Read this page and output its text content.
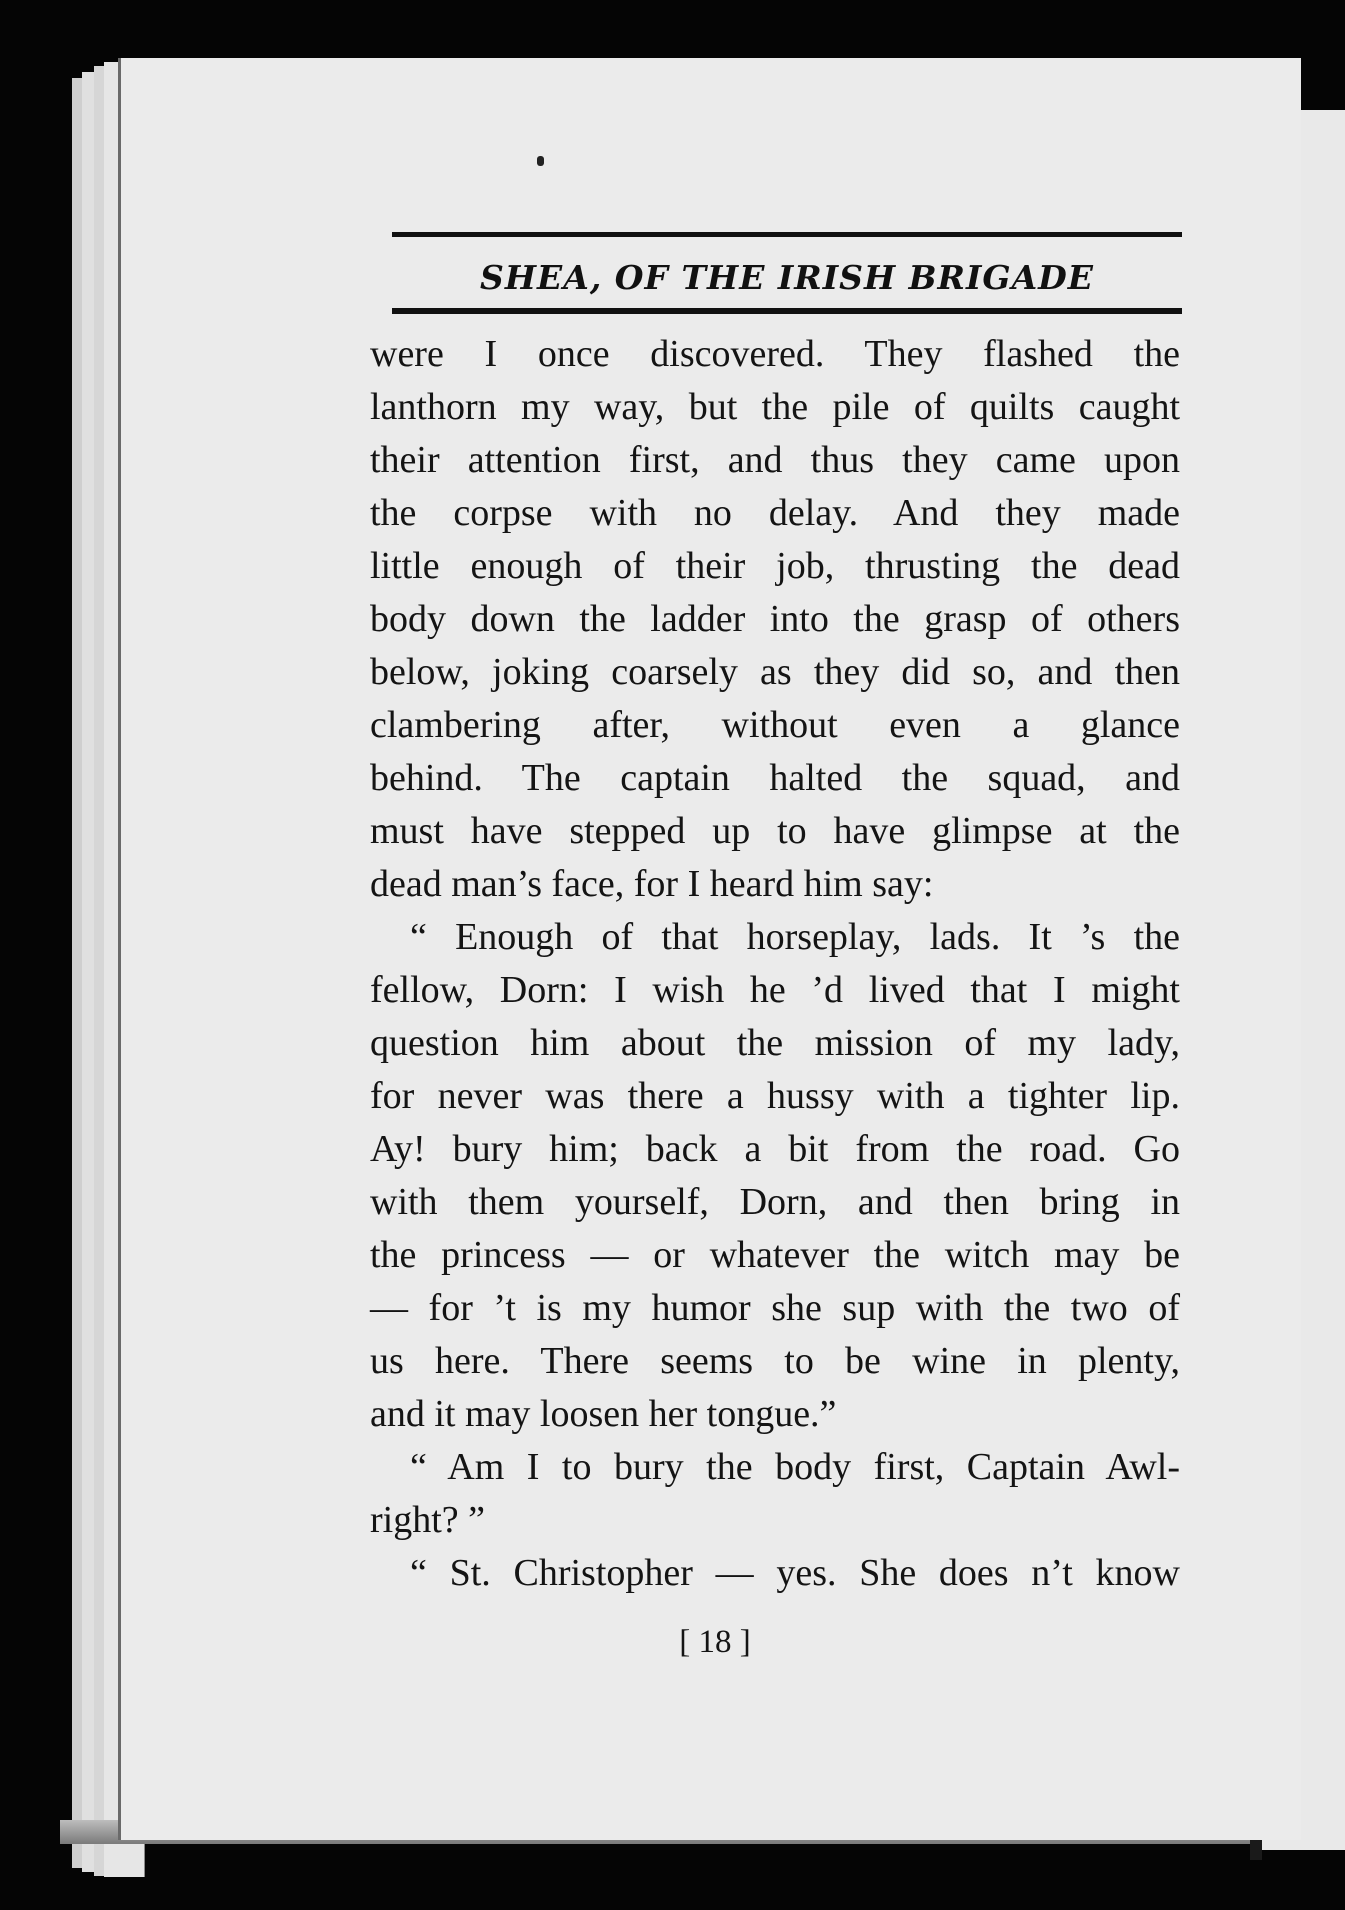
SHEA, OF THE IRISH BRIGADE
were I once discovered. They flashed the
lanthorn my way, but the pile of quilts caught
their attention first, and thus they came upon
the corpse with no delay. And they made
little enough of their job, thrusting the dead
body down the ladder into the grasp of others
below, joking coarsely as they did so, and then
clambering after, without even a glance
behind. The captain halted the squad, and
must have stepped up to have glimpse at the
dead man’s face, for I heard him say:
“ Enough of that horseplay, lads. It ’s the
fellow, Dorn: I wish he ’d lived that I might
question him about the mission of my lady,
for never was there a hussy with a tighter lip.
Ay! bury him; back a bit from the road. Go
with them yourself, Dorn, and then bring in
the princess — or whatever the witch may be
— for ’t is my humor she sup with the two of
us here. There seems to be wine in plenty,
and it may loosen her tongue.”
“ Am I to bury the body first, Captain Awl-
right? ”
“ St. Christopher — yes. She does n’t know
[ 18 ]
